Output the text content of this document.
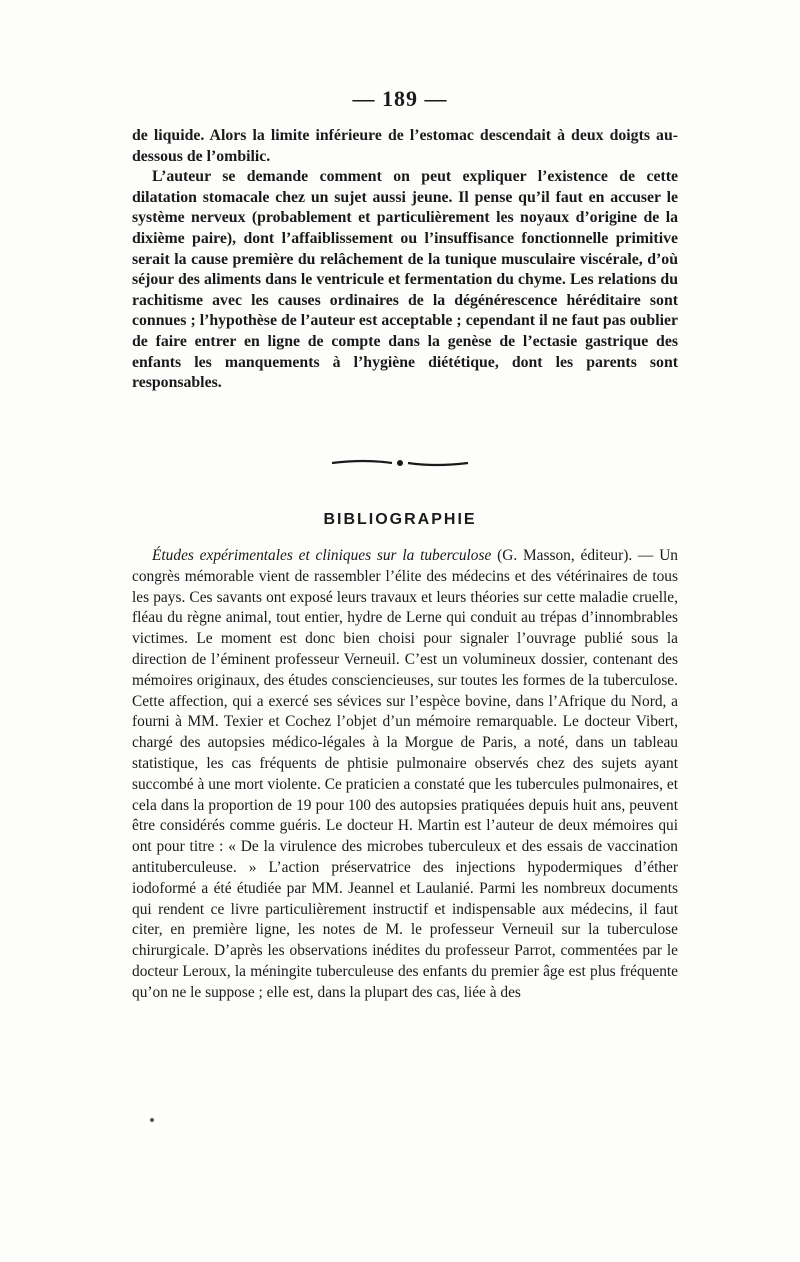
— 189 —

de liquide. Alors la limite inférieure de l’estomac descendait à deux doigts au-dessous de l’ombilic.

L’auteur se demande comment on peut expliquer l’existence de cette dilatation stomacale chez un sujet aussi jeune. Il pense qu’il faut en accuser le système nerveux (probablement et particulièrement les noyaux d’origine de la dixième paire), dont l’affaiblissement ou l’insuffisance fonctionnelle primitive serait la cause première du relâchement de la tunique musculaire viscérale, d’où séjour des aliments dans le ventricule et fermentation du chyme. Les relations du rachitisme avec les causes ordinaires de la dégénérescence héréditaire sont connues ; l’hypothèse de l’auteur est acceptable ; cependant il ne faut pas oublier de faire entrer en ligne de compte dans la genèse de l’ectasie gastrique des enfants les manquements à l’hygiène diététique, dont les parents sont responsables.

BIBLIOGRAPHIE

Études expérimentales et cliniques sur la tuberculose (G. Masson, éditeur). — Un congrès mémorable vient de rassembler l’élite des médecins et des vétérinaires de tous les pays. Ces savants ont exposé leurs travaux et leurs théories sur cette maladie cruelle, fléau du règne animal, tout entier, hydre de Lerne qui conduit au trépas d’innombrables victimes. Le moment est donc bien choisi pour signaler l’ouvrage publié sous la direction de l’éminent professeur Verneuil. C’est un volumineux dossier, contenant des mémoires originaux, des études consciencieuses, sur toutes les formes de la tuberculose. Cette affection, qui a exercé ses sévices sur l’espèce bovine, dans l’Afrique du Nord, a fourni à MM. Texier et Cochez l’objet d’un mémoire remarquable. Le docteur Vibert, chargé des autopsies médico-légales à la Morgue de Paris, a noté, dans un tableau statistique, les cas fréquents de phtisie pulmonaire observés chez des sujets ayant succombé à une mort violente. Ce praticien a constaté que les tubercules pulmonaires, et cela dans la proportion de 19 pour 100 des autopsies pratiquées depuis huit ans, peuvent être considérés comme guéris. Le docteur H. Martin est l’auteur de deux mémoires qui ont pour titre : « De la virulence des microbes tuberculeux et des essais de vaccination antituberculeuse. » L’action préservatrice des injections hypodermiques d’éther iodoformé a été étudiée par MM. Jeannel et Laulanié. Parmi les nombreux documents qui rendent ce livre particulièrement instructif et indispensable aux médecins, il faut citer, en première ligne, les notes de M. le professeur Verneuil sur la tuberculose chirurgicale. D’après les observations inédites du professeur Parrot, commentées par le docteur Leroux, la méningite tuberculeuse des enfants du premier âge est plus fréquente qu’on ne le suppose ; elle est, dans la plupart des cas, liée à des
